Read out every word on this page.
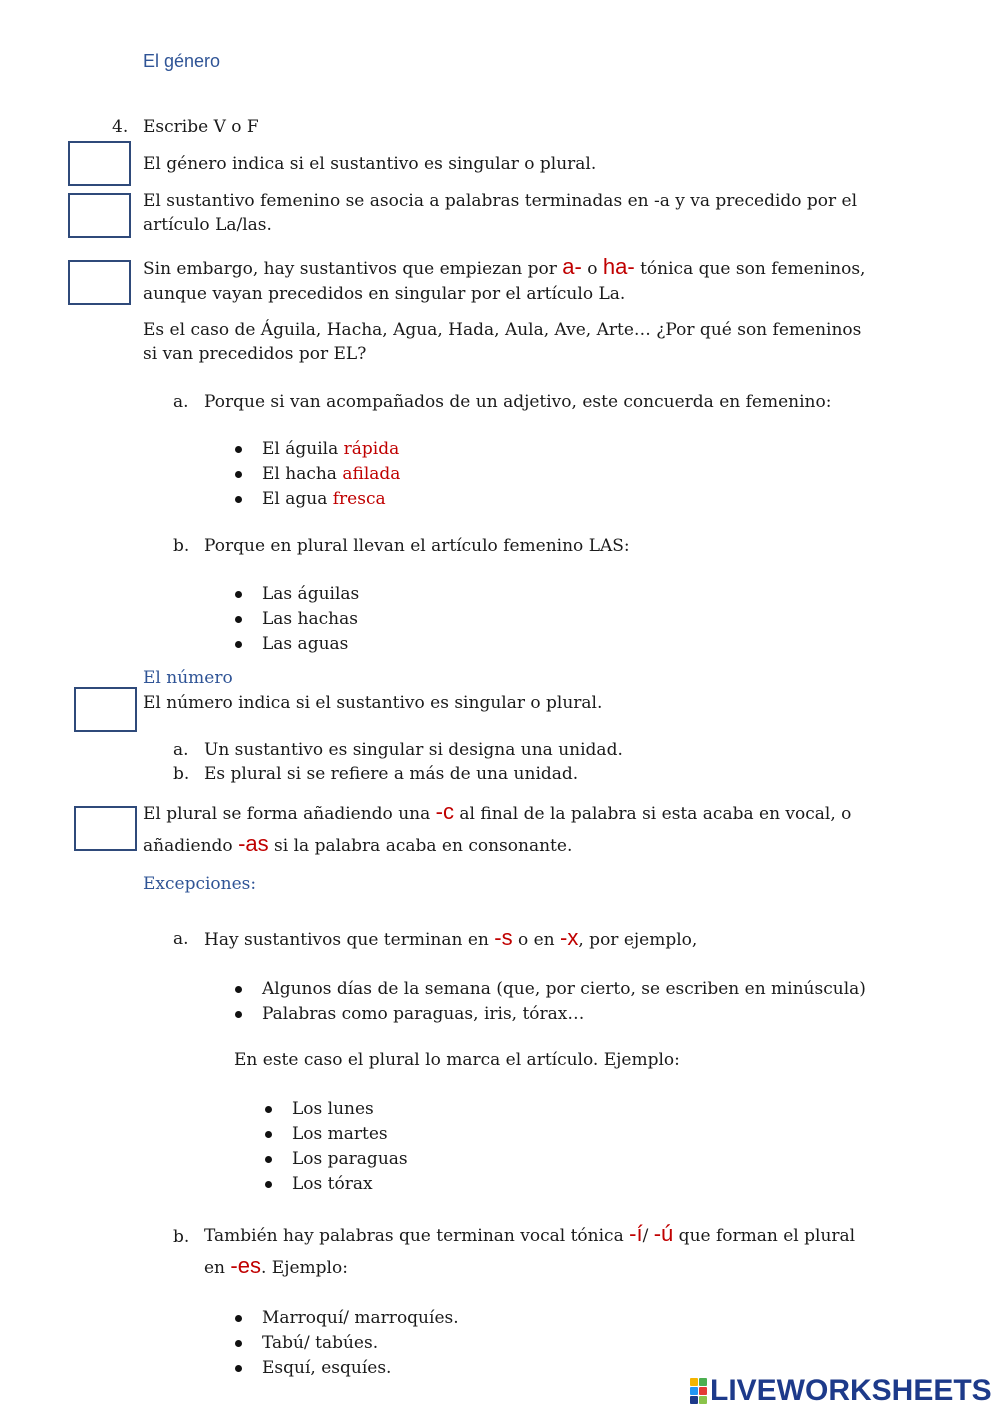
El género
4. Escribe V o F
El género indica si el sustantivo es singular o plural.
El sustantivo femenino se asocia a palabras terminadas en -a y va precedido por el artículo La/las.
Sin embargo, hay sustantivos que empiezan por a- o ha- tónica que son femeninos,
aunque vayan precedidos en singular por el artículo La.
Es el caso de Águila, Hacha, Agua, Hada, Aula, Ave, Arte… ¿Por qué son femeninos si van precedidos por EL?
a. Porque si van acompañados de un adjetivo, este concuerda en femenino:
El águila rápida
El hacha afilada
El agua fresca
b. Porque en plural llevan el artículo femenino LAS:
Las águilas
Las hachas
Las aguas
El número
El número indica si el sustantivo es singular o plural.
a. Un sustantivo es singular si designa una unidad.
b. Es plural si se refiere a más de una unidad.
El plural se forma añadiendo una -c al final de la palabra si esta acaba en vocal, o
añadiendo -as si la palabra acaba en consonante.
Excepciones:
a. Hay sustantivos que terminan en -s o en -x, por ejemplo,
Algunos días de la semana (que, por cierto, se escriben en minúscula)
Palabras como paraguas, iris, tórax…
En este caso el plural lo marca el artículo. Ejemplo:
Los lunes
Los martes
Los paraguas
Los tórax
b. También hay palabras que terminan vocal tónica -í/ -ú que forman el plural
en -es. Ejemplo:
Marroquí/ marroquíes.
Tabú/ tabúes.
Esquí, esquíes.
LIVEWORKSHEETS
